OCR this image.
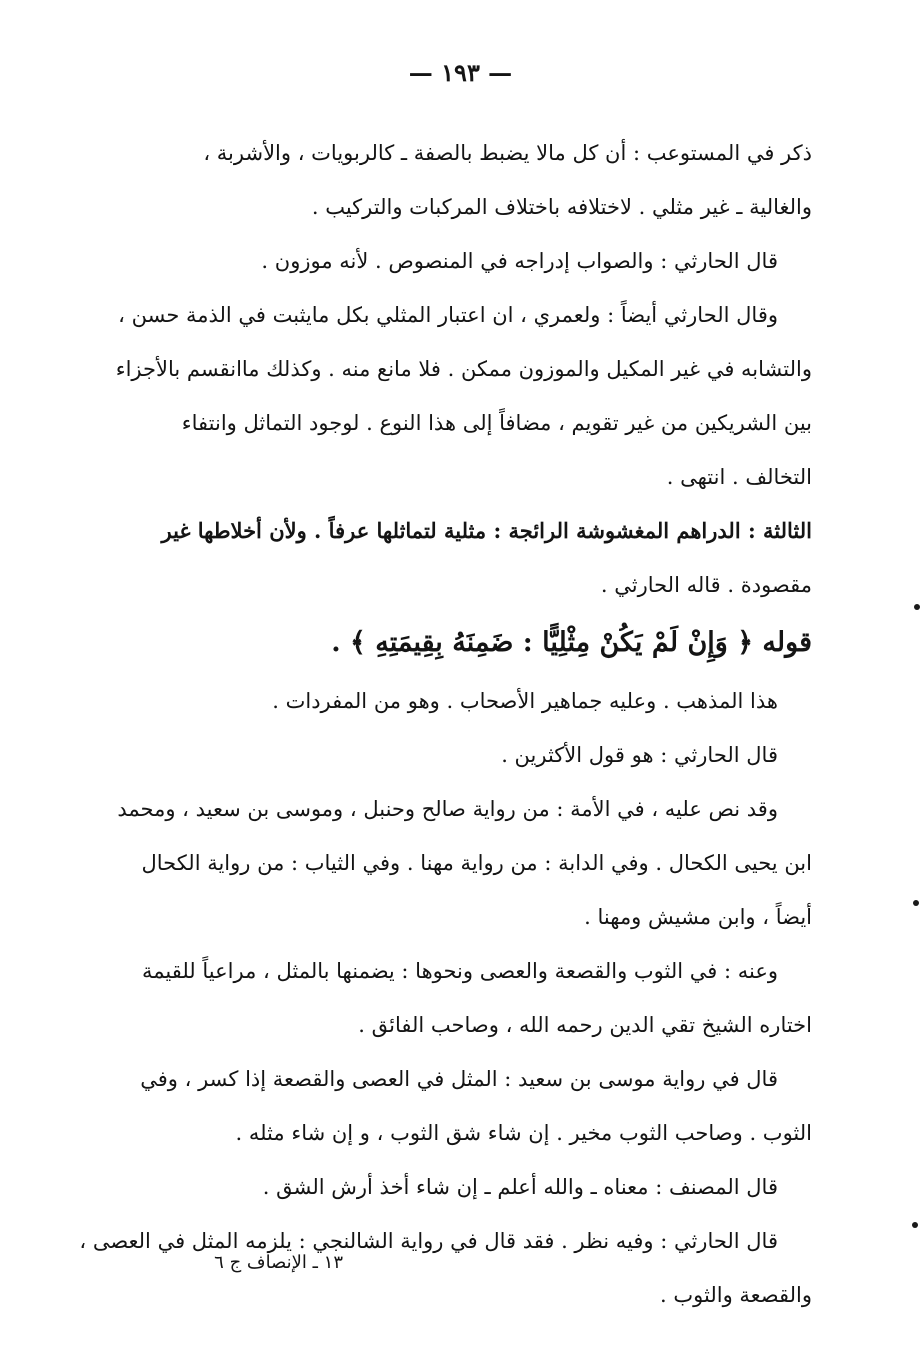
— ١٩٣ —
ذكر في المستوعب : أن كل مالا يضبط بالصفة ـ كالربويات ، والأشربة ،
والغالية ـ غير مثلي . لاختلافه باختلاف المركبات والتركيب .
قال الحارثي : والصواب إدراجه في المنصوص . لأنه موزون .
وقال الحارثي أيضاً : ولعمري ، ان اعتبار المثلي بكل مايثبت في الذمة حسن ،
والتشابه في غير المكيل والموزون ممكن . فلا مانع منه . وكذلك ماانقسم بالأجزاء
بين الشريكين من غير تقويم ، مضافاً إلى هذا النوع . لوجود التماثل وانتفاء
التخالف . انتهى .
الثالثة : الدراهم المغشوشة الرائجة : مثلية لتماثلها عرفاً . ولأن أخلاطها غير
مقصودة . قاله الحارثي .
قوله ﴿ وَإِنْ لَمْ يَكُنْ مِثْلِيًّا : ضَمِنَهُ بِقِيمَتِهِ ﴾ .
هذا المذهب . وعليه جماهير الأصحاب . وهو من المفردات .
قال الحارثي : هو قول الأكثرين .
وقد نص عليه ، في الأمة : من رواية صالح وحنبل ، وموسى بن سعيد ، ومحمد
ابن يحيى الكحال . وفي الدابة : من رواية مهنا . وفي الثياب : من رواية الكحال
أيضاً ، وابن مشيش ومهنا .
وعنه : في الثوب والقصعة والعصى ونحوها : يضمنها بالمثل ، مراعياً للقيمة
اختاره الشيخ تقي الدين رحمه الله ، وصاحب الفائق .
قال في رواية موسى بن سعيد : المثل في العصى والقصعة إذا كسر ، وفي
الثوب . وصاحب الثوب مخير . إن شاء شق الثوب ، و إن شاء مثله .
قال المصنف : معناه ـ والله أعلم ـ إن شاء أخذ أرش الشق .
قال الحارثي : وفيه نظر . فقد قال في رواية الشالنجي : يلزمه المثل في العصى ،
والقصعة والثوب .
١٣ ـ الإنصاف ج ٦
